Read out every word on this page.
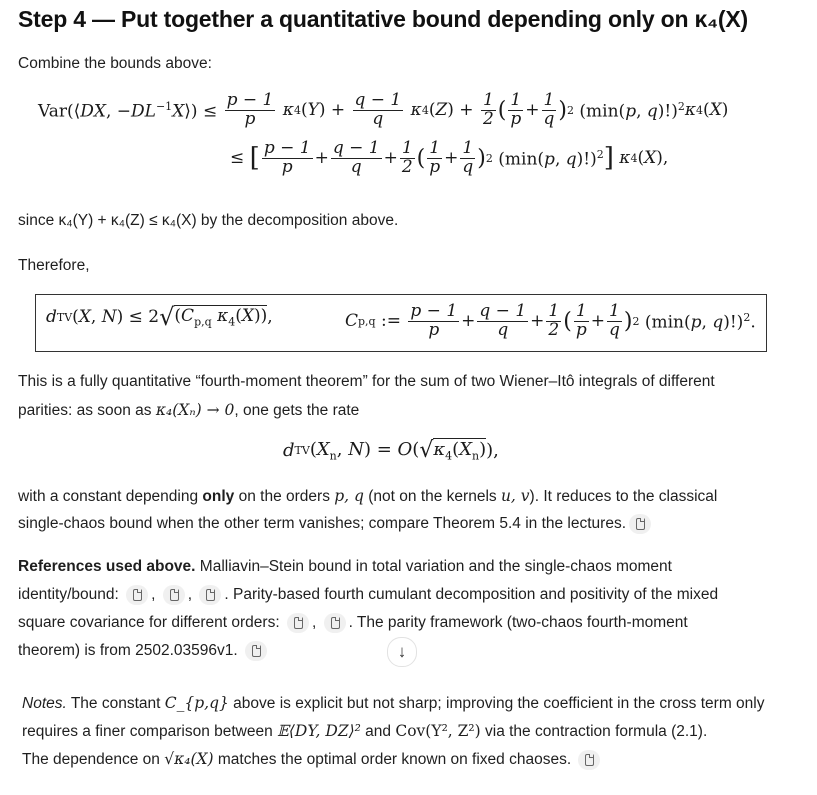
Step 4 — Put together a quantitative bound depending only on κ₄(X)
Combine the bounds above:
Var(⟨DX, $-DL^{-1}X⟩) \le \frac{p - 1}{p}$ κ 4 $(Y) + \frac{q - 1}{q}$ κ 4 $(Z) + \frac{1}{2}$ ( $\frac{1}{p} + \frac{1}{q}$ ) 2 (min(p, q)!)$^2$ κ 4 (X)
≤ [ $\frac{p - 1}{p} + \frac{q - 1}{q} + \frac{1}{2}$ ( $\frac{1}{p} + \frac{1}{q}$ ) 2 (min(p, q)!)$^2$ ] κ 4 (X),
since κ₄(Y) + κ₄(Z) ≤ κ₄(X) by the decomposition above.
Therefore,
d TV (X, N) ≤ 2 √ ($C_{p,q}$ $\kappa_4(X)$) ,	C p,q := $\frac{p - 1}{p} + \frac{q - 1}{q} + \frac{1}{2}$ ( $\frac{1}{p} + \frac{1}{q}$ ) 2 (min(p, q)!)$^2$.
This is a fully quantitative “fourth-moment theorem” for the sum of two Wiener–Itô integrals of different
parities: as soon as κ₄(Xₙ) → 0, one gets the rate
d TV ($X_n$, N) = O( √ $\kappa_4(X_n)$ ),
with a constant depending only on the orders p, q (not on the kernels u, v). It reduces to the classical
single-chaos bound when the other term vanishes; compare Theorem 5.4 in the lectures.
References used above. Malliavin–Stein bound in total variation and the single-chaos moment
identity/bound: , , . Parity-based fourth cumulant decomposition and positivity of the mixed
square covariance for different orders: , . The parity framework (two-chaos fourth-moment
theorem) is from 2502.03596v1.	↓
Notes. The constant C_{p,q} above is explicit but not sharp; improving the coefficient in the cross term only
requires a finer comparison between 𝔼⟨DY, DZ⟩² and Cov(Y², Z²) via the contraction formula (2.1).
The dependence on √κ₄(X) matches the optimal order known on fixed chaoses.
